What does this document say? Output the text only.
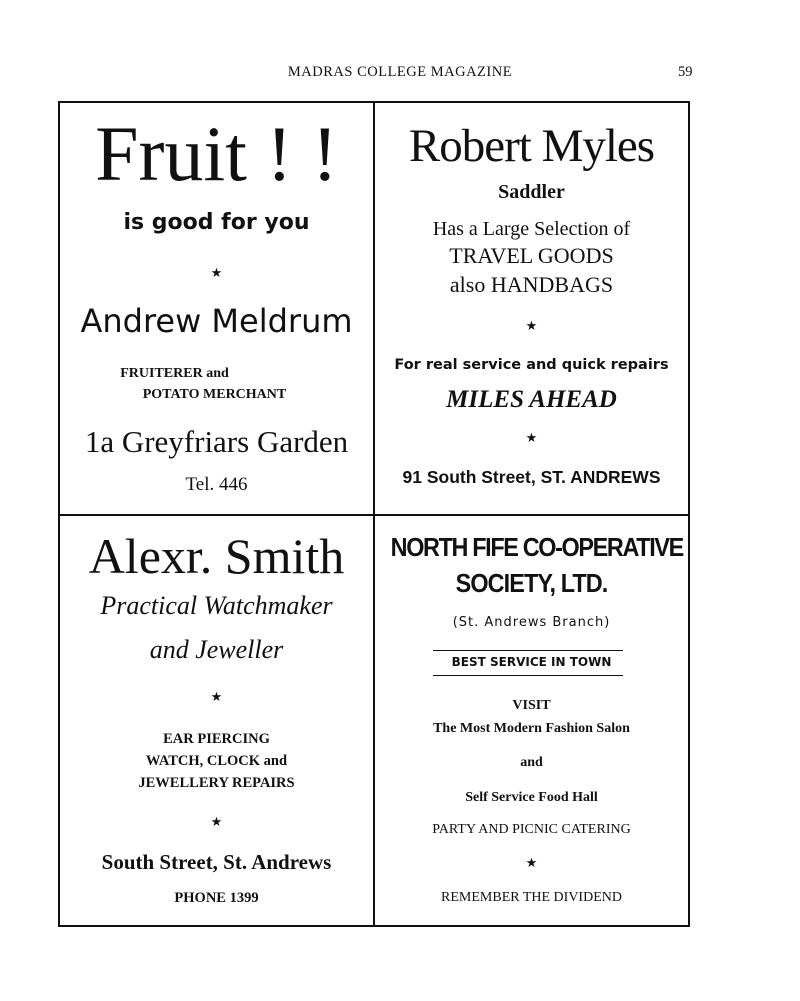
MADRAS COLLEGE MAGAZINE	59
Fruit ! !
is good for you
★
Andrew Meldrum
FRUITERER and
POTATO MERCHANT
1a Greyfriars Garden
Tel. 446
Robert Myles
Saddler
Has a Large Selection of
TRAVEL GOODS
also HANDBAGS
★
For real service and quick repairs
MILES AHEAD
★
91 South Street, ST. ANDREWS
Alexr. Smith
Practical Watchmaker
and Jeweller
★
EAR PIERCING
WATCH, CLOCK and
JEWELLERY REPAIRS
★
South Street, St. Andrews
PHONE 1399
NORTH FIFE CO-OPERATIVE
SOCIETY, LTD.
(St. Andrews Branch)
BEST SERVICE IN TOWN
VISIT
The Most Modern Fashion Salon
and
Self Service Food Hall
PARTY AND PICNIC CATERING
★
REMEMBER THE DIVIDEND
